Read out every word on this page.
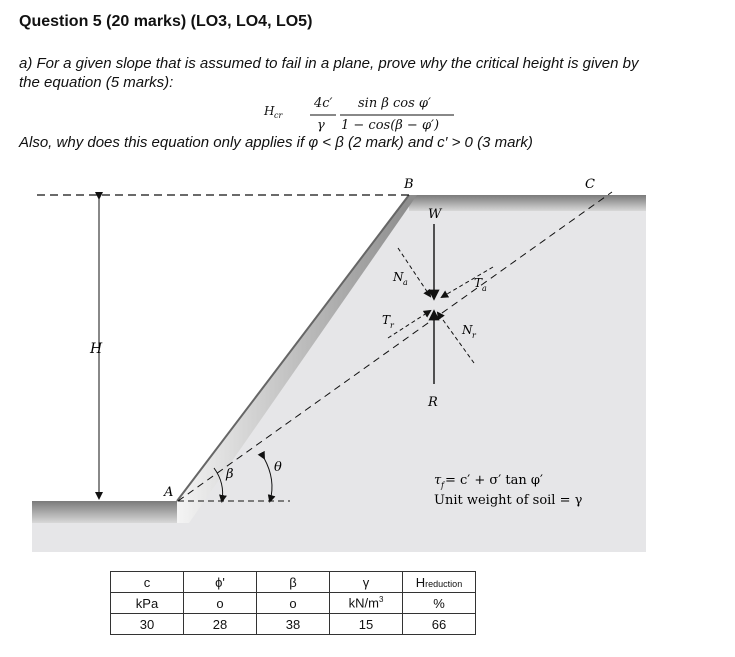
Question 5 (20 marks) (LO3, LO4, LO5)
a) For a given slope that is assumed to fail in a plane, prove why the critical height is given by
the equation (5 marks):
H cr
4c′
γ
sin β cos φ′
1 − cos(β − φ′)
Also, why does this equation only applies if φ < β (2 mark) and c′ > 0 (3 mark)
H
β	θ
A
B	C
W
R
N a	T a
T r	N r
τ f = c′ + σ′ tan φ′
Unit weight of soil = γ
c	ϕ'	β	γ	Hreduction
kPa	o	o	$kN/m^3$	%
30	28	38	15	66
